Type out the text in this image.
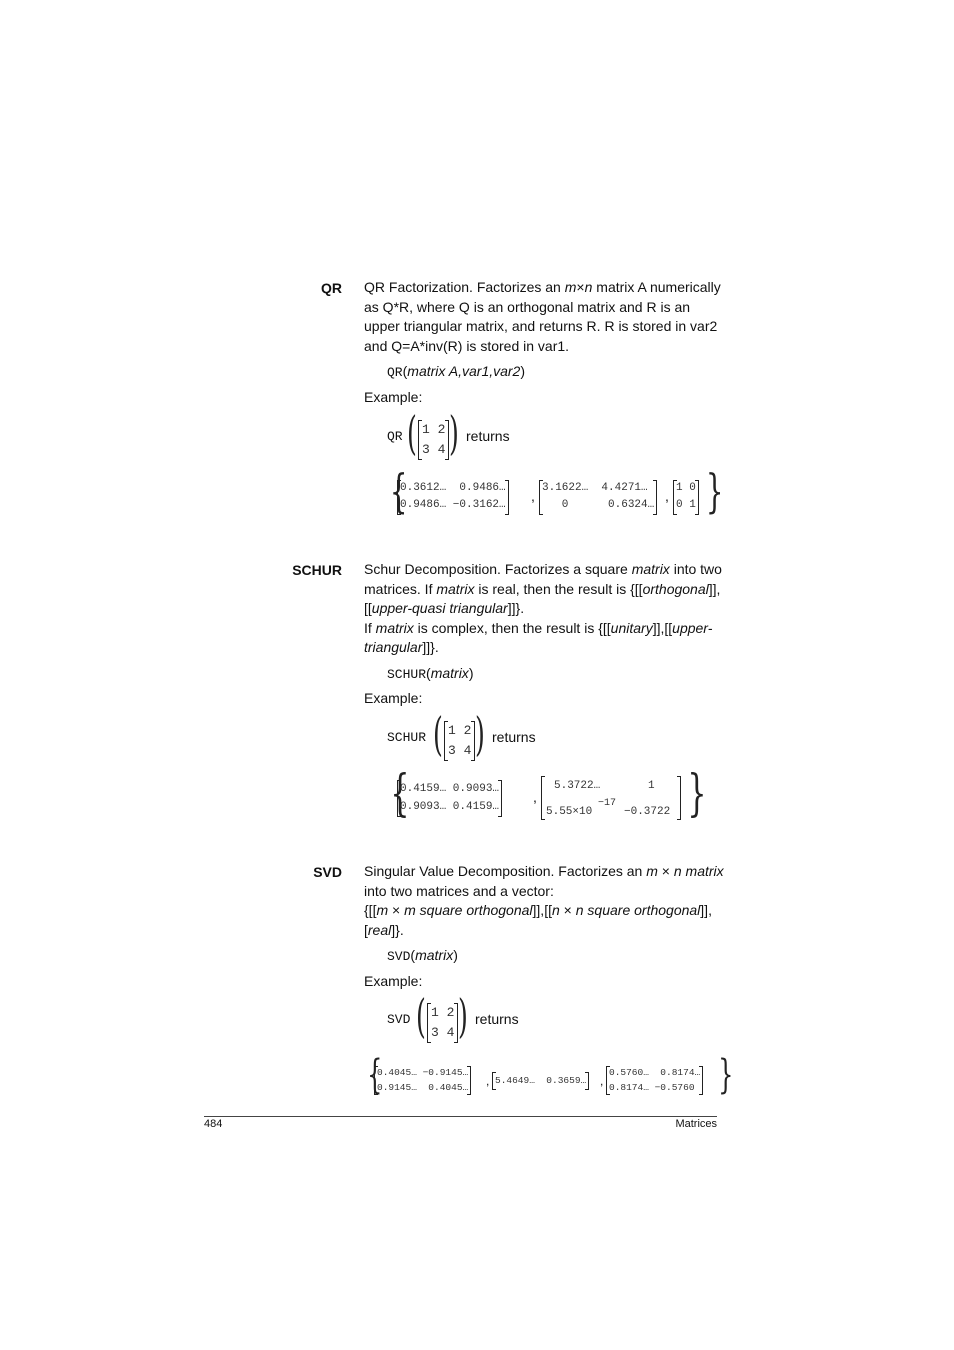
QR QR Factorization. Factorizes an m×n matrix A numerically as Q*R, where Q is an orthogonal matrix and R is an upper triangular matrix, and returns R. R is stored in var2 and Q=A*inv(R) is stored in var1.
QR(matrix A,var1,var2)
Example:
QR ( 1 2
3 4 ) returns
{
0.3612…  0.9486…
0.9486… −0.3162…
, 3.1622…  4.4271…
0      0.6324…
, 1 0
0 1 }
SCHUR Schur Decomposition. Factorizes a square matrix into two matrices. If matrix is real, then the result is {[[orthogonal]],[[upper-quasi triangular]]}.
If matrix is complex, then the result is {[[unitary]],[[upper-triangular]]}.
SCHUR(matrix)
Example:
SCHUR ( 1 2
3 4 ) returns
{
0.4159… 0.9093…
0.9093… 0.4159…
,
5.3722…	1
5.55×10
−17
−0.3722 }
SVD Singular Value Decomposition. Factorizes an m × n matrix into two matrices and a vector:
{[[m × m square orthogonal]],[[n × n square orthogonal]], [real]}.
SVD(matrix)
Example:
SVD ( 1 2
3 4 ) returns
{
0.4045… −0.9145…
0.9145…  0.4045… , 5.4649…  0.3659… ,
0.5760…  0.8174…
0.8174… −0.5760 }
484	Matrices
